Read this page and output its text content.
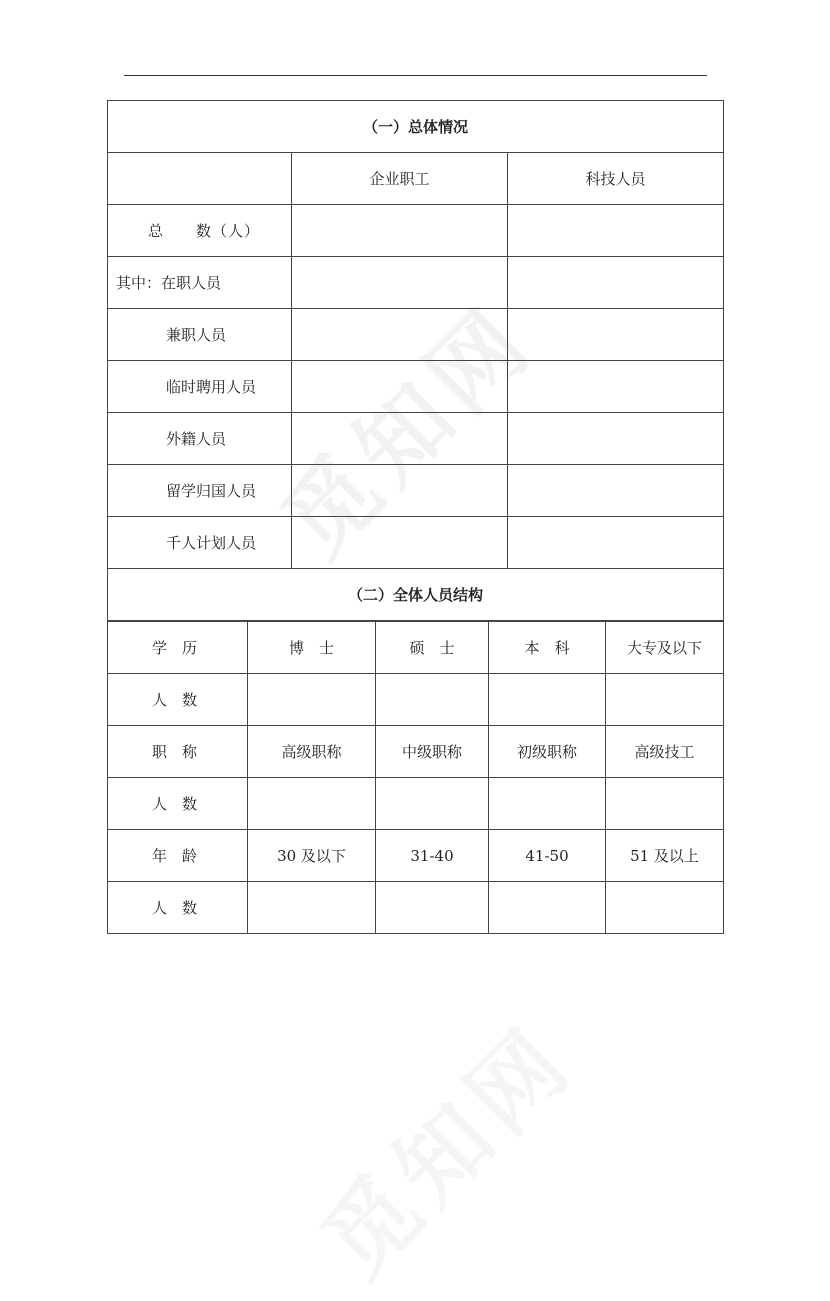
觅知网
（一）总体情况		
	企业职工	科技人员
总　　数（人）		
其中：在职人员		
兼职人员		
临时聘用人员		
外籍人员		
留学归国人员		
千人计划人员		
（二）全体人员结构		
学　历	博　士	硕　士	本　科	大专及以下
人　数				
职　称	高级职称	中级职称	初级职称	高级技工
人　数				
年　龄	30 及以下	31-40	41-50	51 及以上
人　数				
